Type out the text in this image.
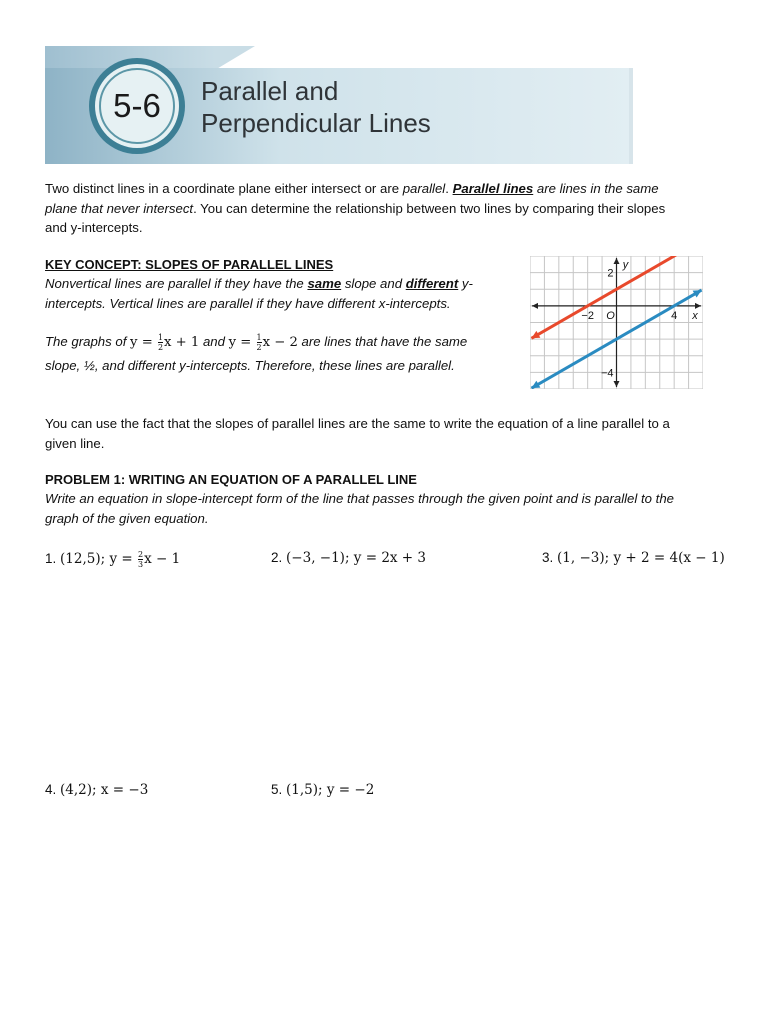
5-6 Parallel and
Perpendicular Lines
Two distinct lines in a coordinate plane either intersect or are parallel. Parallel lines are lines in the same
plane that never intersect. You can determine the relationship between two lines by comparing their slopes
and y-intercepts.
KEY CONCEPT: SLOPES OF PARALLEL LINES
Nonvertical lines are parallel if they have the same slope and different y-
intercepts. Vertical lines are parallel if they have different x-intercepts.
The graphs of $y = \frac{1}{2}$ x + 1 and $y = \frac{1}{2}$ x − 2 are lines that have the same
slope, ½, and different y-intercepts. Therefore, these lines are parallel.
−2	4
2
−4
O	x
y
You can use the fact that the slopes of parallel lines are the same to write the equation of a line parallel to a
given line.
PROBLEM 1: WRITING AN EQUATION OF A PARALLEL LINE
Write an equation in slope-intercept form of the line that passes through the given point and is parallel to the
graph of the given equation.
1. (12,5); $y = \frac{2}{3}$ x − 1	2. (−3, −1); y = 2x + 3	3. (1, −3); y + 2 = 4(x − 1)
4. (4,2); x = −3	5. (1,5); y = −2
